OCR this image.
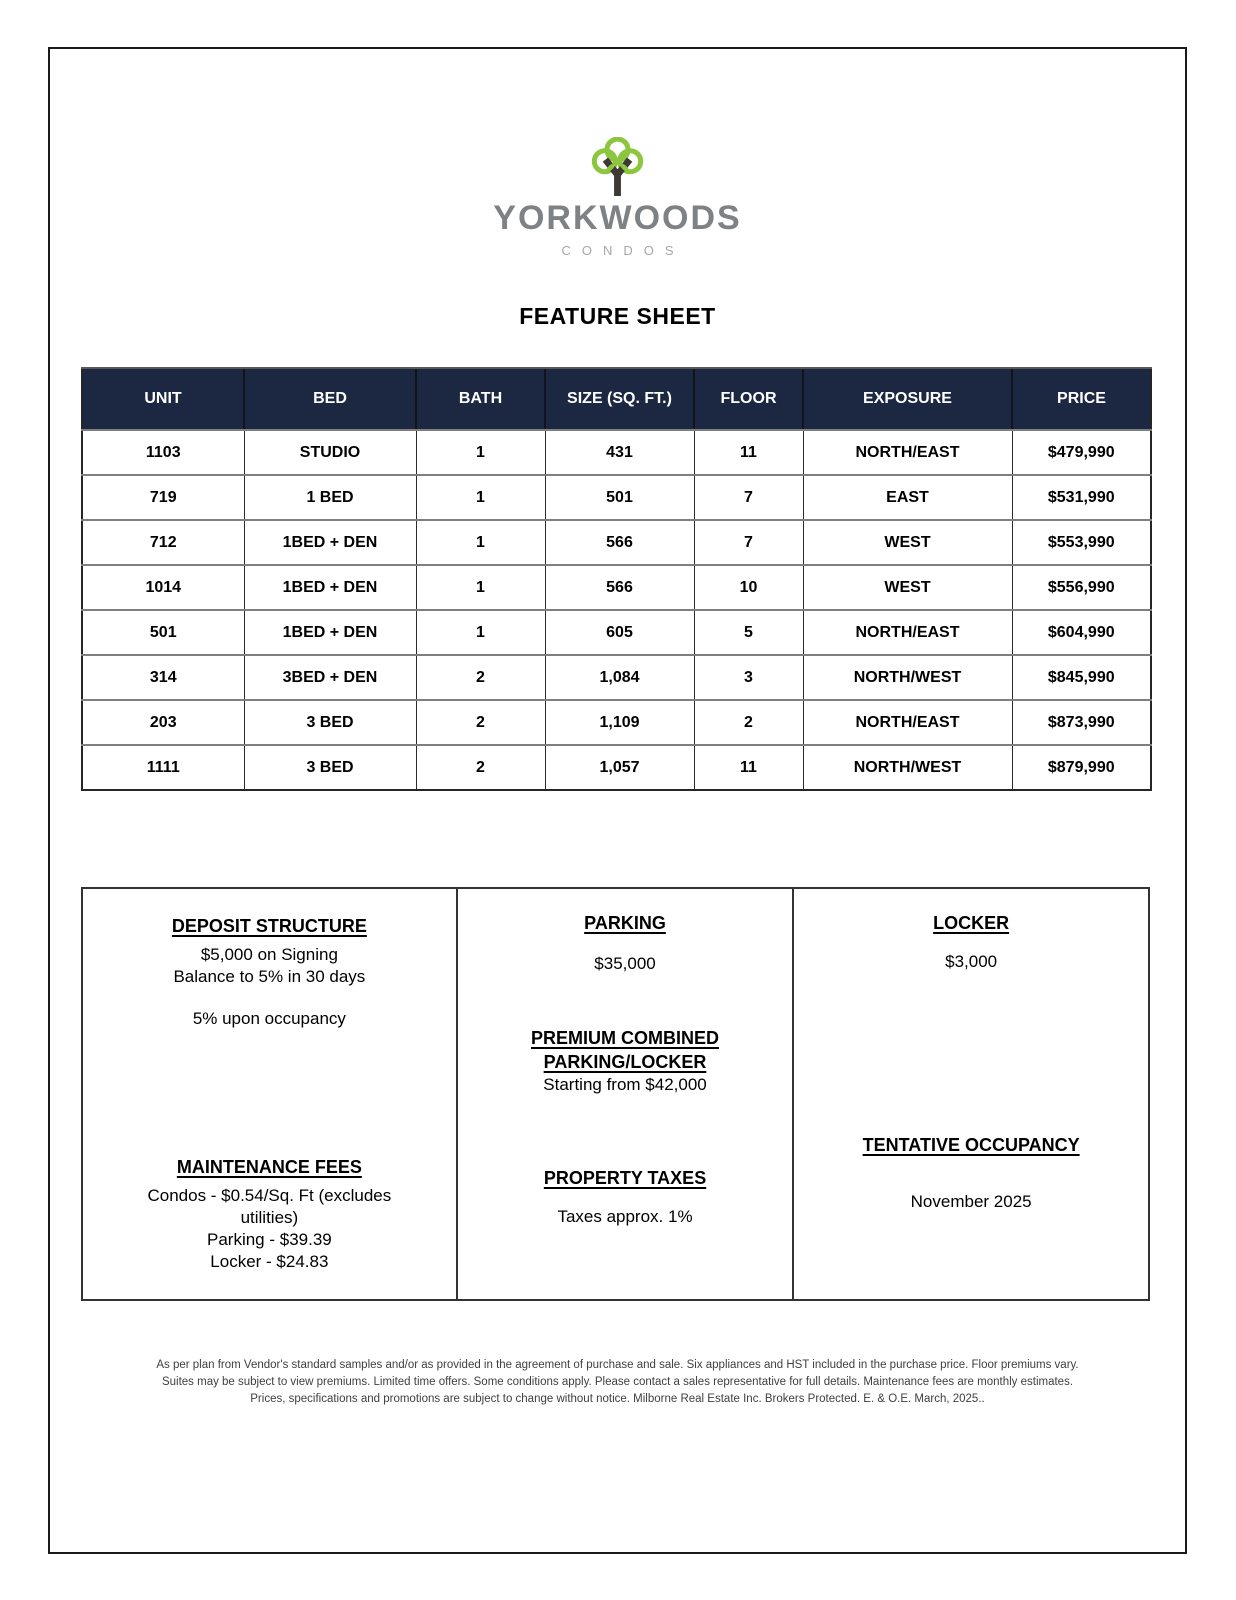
YORKWOODS
CONDOS
FEATURE SHEET
UNIT	BED	BATH	SIZE (SQ. FT.)	FLOOR	EXPOSURE	PRICE
1103	STUDIO	1	431	11	NORTH/EAST	$479,990
719	1 BED	1	501	7	EAST	$531,990
712	1BED + DEN	1	566	7	WEST	$553,990
1014	1BED + DEN	1	566	10	WEST	$556,990
501	1BED + DEN	1	605	5	NORTH/EAST	$604,990
314	3BED + DEN	2	1,084	3	NORTH/WEST	$845,990
203	3 BED	2	1,109	2	NORTH/EAST	$873,990
1111	3 BED	2	1,057	11	NORTH/WEST	$879,990
DEPOSIT STRUCTURE
$5,000 on Signing
Balance to 5% in 30 days
5% upon occupancy
MAINTENANCE FEES
Condos - $0.54/Sq. Ft (excludes utilities)
Parking - $39.39
Locker - $24.83
PARKING
$35,000
PREMIUM COMBINED
PARKING/LOCKER
Starting from $42,000
PROPERTY TAXES
Taxes approx. 1%
LOCKER
$3,000
TENTATIVE OCCUPANCY
November 2025
As per plan from Vendor's standard samples and/or as provided in the agreement of purchase and sale. Six appliances and HST included in the purchase price. Floor premiums vary.
Suites may be subject to view premiums. Limited time offers. Some conditions apply. Please contact a sales representative for full details. Maintenance fees are monthly estimates.
Prices, specifications and promotions are subject to change without notice. Milborne Real Estate Inc. Brokers Protected. E. & O.E. March, 2025..
